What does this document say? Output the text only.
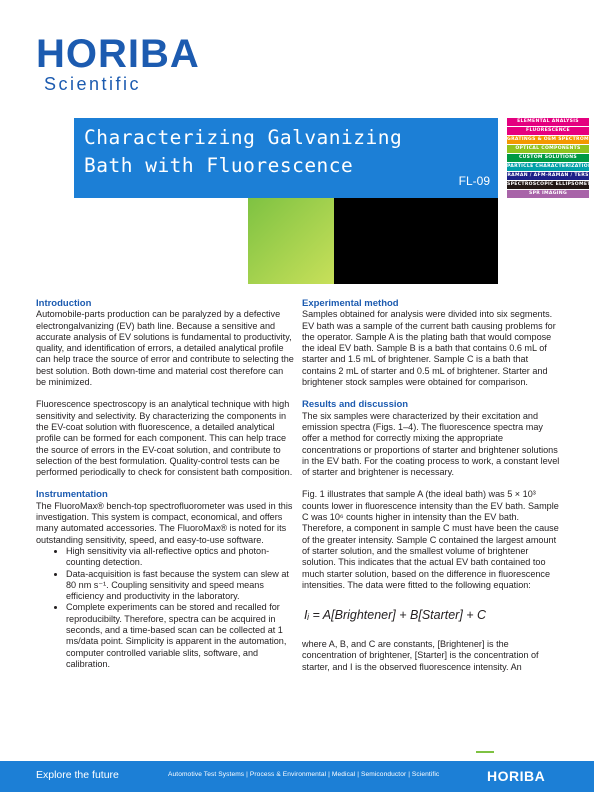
HORIBA
Scientific
Characterizing Galvanizing
Bath with Fluorescence
FL-09
ELEMENTAL ANALYSIS
FLUORESCENCE
GRATINGS & OEM SPECTROMETERS
OPTICAL COMPONENTS
CUSTOM SOLUTIONS
PARTICLE CHARACTERIZATION
RAMAN / AFM-RAMAN / TERS
SPECTROSCOPIC ELLIPSOMETRY
SPR IMAGING

Introduction

Automobile-parts production can be paralyzed by a defective electrongalvanizing (EV) bath line. Because a sensitive and accurate analysis of EV solutions is fundamental to productivity, quality, and identification of errors, a detailed analytical profile can help trace the source of error and contribute to selecting the best solution. Both down-time and material cost therefore can be minimized.

Fluorescence spectroscopy is an analytical technique with high sensitivity and selectivity. By characterizing the components in the EV-coat solution with fluorescence, a detailed analytical profile can be formed for each component. This can help trace the source of errors in the EV-coat solution, and contribute to selection of the best formulation. Quality-control tests can be performed periodically to check for consistent bath composition.

Instrumentation

The FluoroMax® bench-top spectrofluorometer was used in this investigation. This system is compact, economical, and offers many automated accessories. The FluoroMax® is noted for its outstanding sensitivity, speed, and easy-to-use software.

• High sensitivity via all-reflective optics and photon-counting detection.
• Data-acquisition is fast because the system can slew at 80 nm s⁻¹. Coupling sensitivity and speed means efficiency and productivity in the laboratory.
• Complete experiments can be stored and recalled for reproducibilty. Therefore, spectra can be acquired in seconds, and a time-based scan can be collected at 1 ms/data point. Simplicity is apparent in the automation, computer controlled variable slits, software, and calibration.

Experimental method

Samples obtained for analysis were divided into six segments. EV bath was a sample of the current bath causing problems for the operator. Sample A is the plating bath that would compose the ideal EV bath. Sample B is a bath that contains 0.6 mL of starter and 1.5 mL of brightener. Sample C is a bath that contains 2 mL of starter and 0.5 mL of brightener. Starter and brightener stock samples were obtained for comparison.

Results and discussion

The six samples were characterized by their excitation and emission spectra (Figs. 1–4). The fluorescence spectra may offer a method for correctly mixing the appropriate concentrations or proportions of starter and brightener solutions in the EV bath. For the coating process to work, a constant level of starter and brightener is necessary.

Fig. 1 illustrates that sample A (the ideal bath) was 5 × 10³ counts lower in fluorescence intensity than the EV bath. Sample C was 10⁶ counts higher in intensity than the EV bath. Therefore, a component in sample C must have been the cause of the greater intensity. Sample C contained the largest amount of starter solution, and the smallest volume of brightener solution. This indicates that the actual EV bath contained too much starter solution, based on the difference in fluorescence intensities. The data were fitted to the following equation:

Iᵢ = A[Brightener] + B[Starter] + C

where A, B, and C are constants, [Brightener] is the concentration of brightener, [Starter] is the concentration of starter, and I is the observed fluorescence intensity. An

Explore the future	Automotive Test Systems | Process & Environmental | Medical | Semiconductor | Scientific	HORIBA
